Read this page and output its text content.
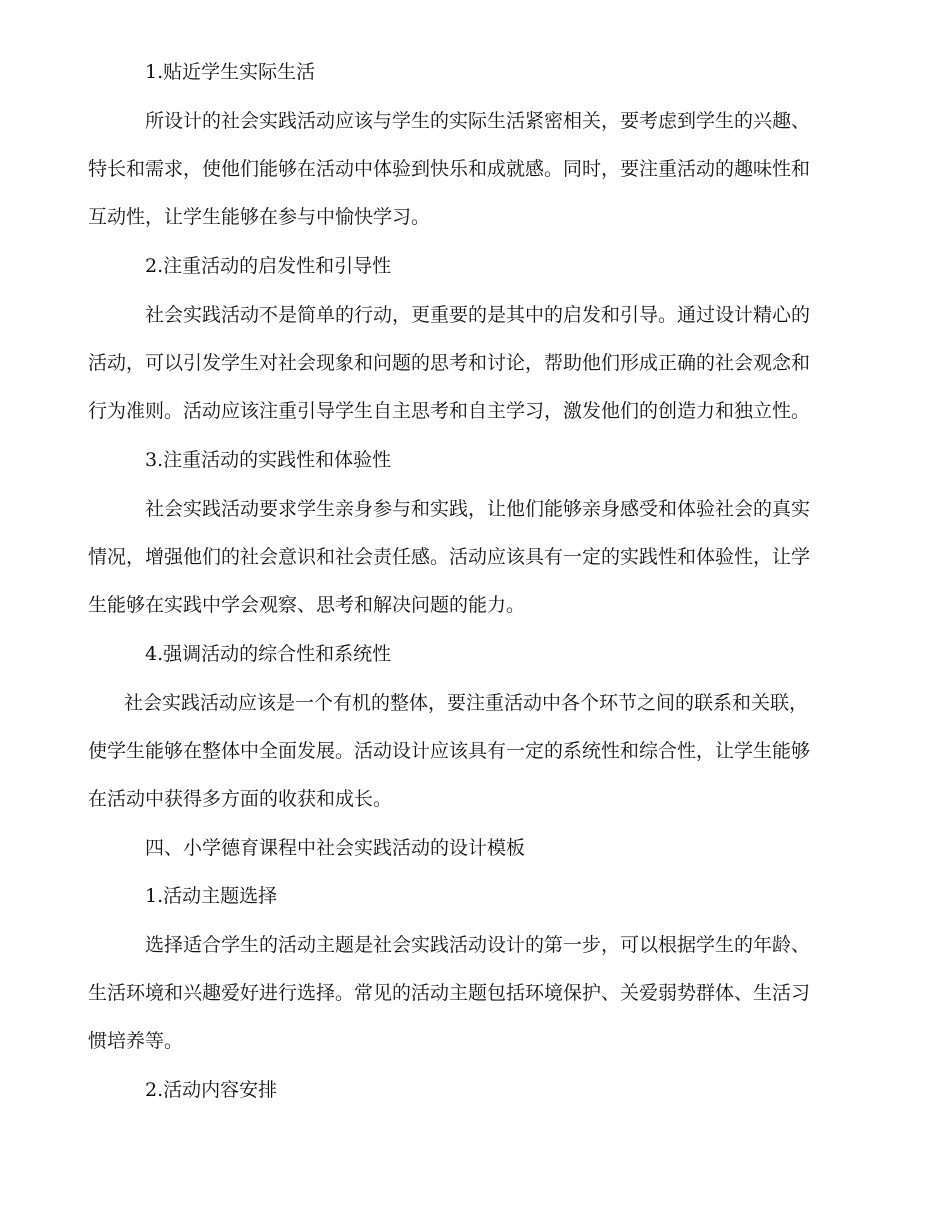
1.贴近学生实际生活
所设计的社会实践活动应该与学生的实际生活紧密相关，要考虑到学生的兴趣、
特长和需求，使他们能够在活动中体验到快乐和成就感。同时，要注重活动的趣味性和
互动性，让学生能够在参与中愉快学习。
2.注重活动的启发性和引导性
社会实践活动不是简单的行动，更重要的是其中的启发和引导。通过设计精心的
活动，可以引发学生对社会现象和问题的思考和讨论，帮助他们形成正确的社会观念和
行为准则。活动应该注重引导学生自主思考和自主学习，激发他们的创造力和独立性。
3.注重活动的实践性和体验性
社会实践活动要求学生亲身参与和实践，让他们能够亲身感受和体验社会的真实
情况，增强他们的社会意识和社会责任感。活动应该具有一定的实践性和体验性，让学
生能够在实践中学会观察、思考和解决问题的能力。
4.强调活动的综合性和系统性
社会实践活动应该是一个有机的整体，要注重活动中各个环节之间的联系和关联，
使学生能够在整体中全面发展。活动设计应该具有一定的系统性和综合性，让学生能够
在活动中获得多方面的收获和成长。
四、小学德育课程中社会实践活动的设计模板
1.活动主题选择
选择适合学生的活动主题是社会实践活动设计的第一步，可以根据学生的年龄、
生活环境和兴趣爱好进行选择。常见的活动主题包括环境保护、关爱弱势群体、生活习
惯培养等。
2.活动内容安排
